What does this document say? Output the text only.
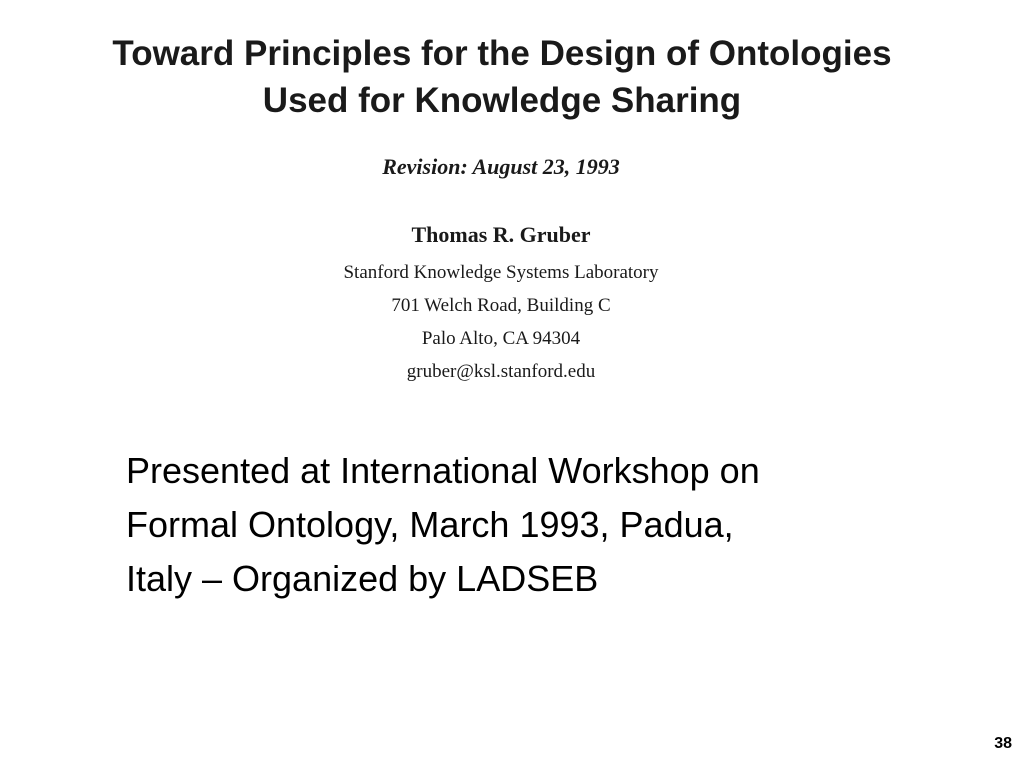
Toward Principles for the Design of Ontologies
Used for Knowledge Sharing
Revision: August 23, 1993
Thomas R. Gruber
Stanford Knowledge Systems Laboratory
701 Welch Road, Building C
Palo Alto, CA 94304
gruber@ksl.stanford.edu
Presented at International Workshop on
Formal Ontology, March 1993, Padua,
Italy – Organized by LADSEB
38
